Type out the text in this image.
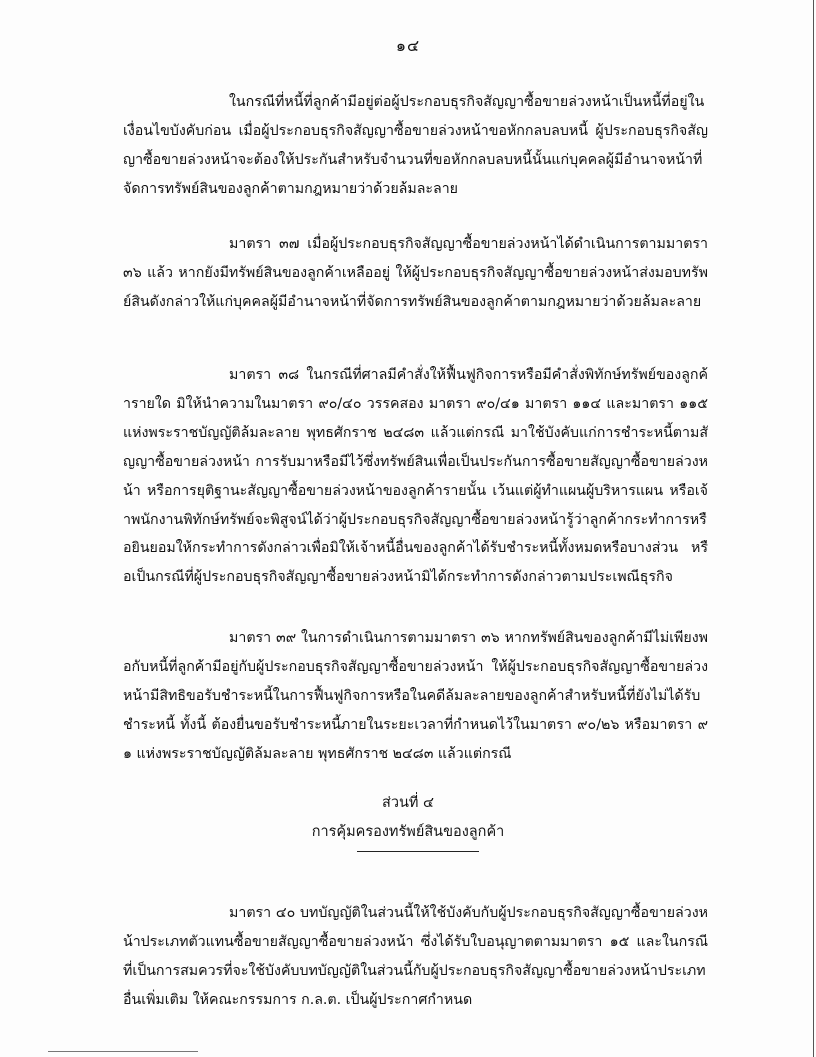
๑๔
ในกรณีที่หนี้ที่ลูกค้ามีอยู่ต่อผู้ประกอบธุรกิจสัญญาซื้อขายล่วงหน้าเป็นหนี้ที่อยู่ในเงื่อนไขบังคับก่อน เมื่อผู้ประกอบธุรกิจสัญญาซื้อขายล่วงหน้าขอหักกลบลบหนี้ ผู้ประกอบธุรกิจสัญญาซื้อขายล่วงหน้าจะต้องให้ประกันสำหรับจำนวนที่ขอหักกลบลบหนี้นั้นแก่บุคคลผู้มีอำนาจหน้าที่จัดการทรัพย์สินของลูกค้าตามกฎหมายว่าด้วยล้มละลาย
มาตรา ๓๗ เมื่อผู้ประกอบธุรกิจสัญญาซื้อขายล่วงหน้าได้ดำเนินการตามมาตรา ๓๖ แล้ว หากยังมีทรัพย์สินของลูกค้าเหลืออยู่ ให้ผู้ประกอบธุรกิจสัญญาซื้อขายล่วงหน้าส่งมอบทรัพย์สินดังกล่าวให้แก่บุคคลผู้มีอำนาจหน้าที่จัดการทรัพย์สินของลูกค้าตามกฎหมายว่าด้วยล้มละลาย
มาตรา ๓๘ ในกรณีที่ศาลมีคำสั่งให้ฟื้นฟูกิจการหรือมีคำสั่งพิทักษ์ทรัพย์ของลูกค้ารายใด มิให้นำความในมาตรา ๙๐/๔๐ วรรคสอง มาตรา ๙๐/๔๑ มาตรา ๑๑๔ และมาตรา ๑๑๕ แห่งพระราชบัญญัติล้มละลาย พุทธศักราช ๒๔๘๓ แล้วแต่กรณี มาใช้บังคับแก่การชำระหนี้ตามสัญญาซื้อขายล่วงหน้า การรับมาหรือมีไว้ซึ่งทรัพย์สินเพื่อเป็นประกันการซื้อขายสัญญาซื้อขายล่วงหน้า หรือการยุติฐานะสัญญาซื้อขายล่วงหน้าของลูกค้ารายนั้น เว้นแต่ผู้ทำแผนผู้บริหารแผน หรือเจ้าพนักงานพิทักษ์ทรัพย์จะพิสูจน์ได้ว่าผู้ประกอบธุรกิจสัญญาซื้อขายล่วงหน้ารู้ว่าลูกค้ากระทำการหรือยินยอมให้กระทำการดังกล่าวเพื่อมิให้เจ้าหนี้อื่นของลูกค้าได้รับชำระหนี้ทั้งหมดหรือบางส่วน หรือเป็นกรณีที่ผู้ประกอบธุรกิจสัญญาซื้อขายล่วงหน้ามิได้กระทำการดังกล่าวตามประเพณีธุรกิจ
มาตรา ๓๙ ในการดำเนินการตามมาตรา ๓๖ หากทรัพย์สินของลูกค้ามีไม่เพียงพอกับหนี้ที่ลูกค้ามีอยู่กับผู้ประกอบธุรกิจสัญญาซื้อขายล่วงหน้า ให้ผู้ประกอบธุรกิจสัญญาซื้อขายล่วงหน้ามีสิทธิขอรับชำระหนี้ในการฟื้นฟูกิจการหรือในคดีล้มละลายของลูกค้าสำหรับหนี้ที่ยังไม่ได้รับชำระหนี้ ทั้งนี้ ต้องยื่นขอรับชำระหนี้ภายในระยะเวลาที่กำหนดไว้ในมาตรา ๙๐/๒๖ หรือมาตรา ๙๑ แห่งพระราชบัญญัติล้มละลาย พุทธศักราช ๒๔๘๓ แล้วแต่กรณี
ส่วนที่ ๔
การคุ้มครองทรัพย์สินของลูกค้า
มาตรา ๔๐ บทบัญญัติในส่วนนี้ให้ใช้บังคับกับผู้ประกอบธุรกิจสัญญาซื้อขายล่วงหน้าประเภทตัวแทนซื้อขายสัญญาซื้อขายล่วงหน้า ซึ่งได้รับใบอนุญาตตามมาตรา ๑๕ และในกรณีที่เป็นการสมควรที่จะใช้บังคับบทบัญญัติในส่วนนี้กับผู้ประกอบธุรกิจสัญญาซื้อขายล่วงหน้าประเภทอื่นเพิ่มเติม ให้คณะกรรมการ ก.ล.ต. เป็นผู้ประกาศกำหนด
